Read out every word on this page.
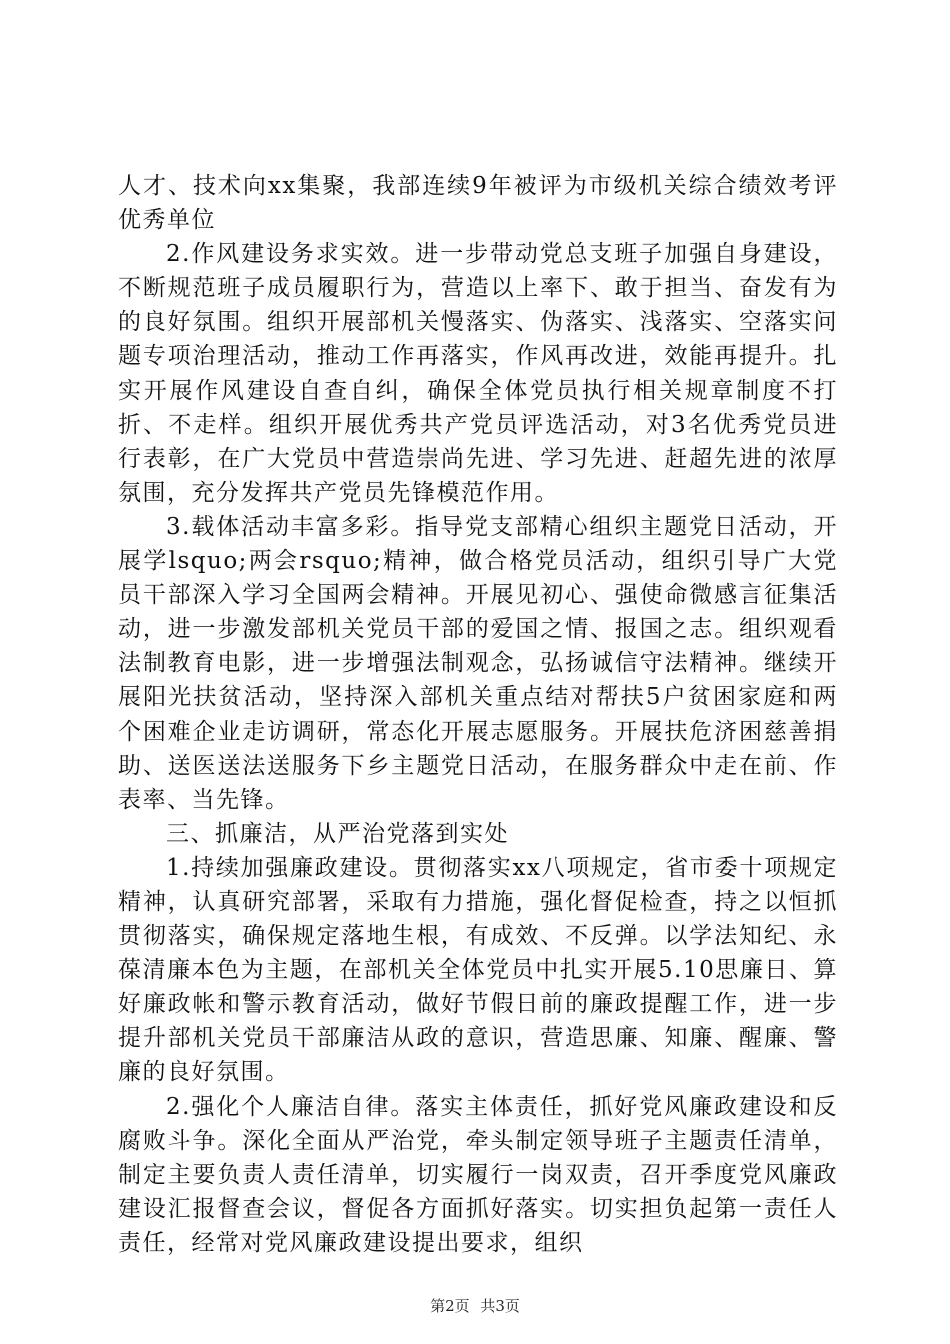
人才、技术向xx集聚，我部连续9年被评为市级机关综合绩效考评优秀单位

2.作风建设务求实效。进一步带动党总支班子加强自身建设，不断规范班子成员履职行为，营造以上率下、敢于担当、奋发有为的良好氛围。组织开展部机关慢落实、伪落实、浅落实、空落实问题专项治理活动，推动工作再落实，作风再改进，效能再提升。扎实开展作风建设自查自纠，确保全体党员执行相关规章制度不打折、不走样。组织开展优秀共产党员评选活动，对3名优秀党员进行表彰，在广大党员中营造崇尚先进、学习先进、赶超先进的浓厚氛围，充分发挥共产党员先锋模范作用。

3.载体活动丰富多彩。指导党支部精心组织主题党日活动，开展学lsquo;两会rsquo;精神，做合格党员活动，组织引导广大党员干部深入学习全国两会精神。开展见初心、强使命微感言征集活动，进一步激发部机关党员干部的爱国之情、报国之志。组织观看法制教育电影，进一步增强法制观念，弘扬诚信守法精神。继续开展阳光扶贫活动，坚持深入部机关重点结对帮扶5户贫困家庭和两个困难企业走访调研，常态化开展志愿服务。开展扶危济困慈善捐助、送医送法送服务下乡主题党日活动，在服务群众中走在前、作表率、当先锋。

三、抓廉洁，从严治党落到实处

1.持续加强廉政建设。贯彻落实xx八项规定，省市委十项规定精神，认真研究部署，采取有力措施，强化督促检查，持之以恒抓贯彻落实，确保规定落地生根，有成效、不反弹。以学法知纪、永葆清廉本色为主题，在部机关全体党员中扎实开展5.10思廉日、算好廉政帐和警示教育活动，做好节假日前的廉政提醒工作，进一步提升部机关党员干部廉洁从政的意识，营造思廉、知廉、醒廉、警廉的良好氛围。

2.强化个人廉洁自律。落实主体责任，抓好党风廉政建设和反腐败斗争。深化全面从严治党，牵头制定领导班子主题责任清单，制定主要负责人责任清单，切实履行一岗双责，召开季度党风廉政建设汇报督查会议，督促各方面抓好落实。切实担负起第一责任人责任，经常对党风廉政建设提出要求，组织

第2页 共3页
